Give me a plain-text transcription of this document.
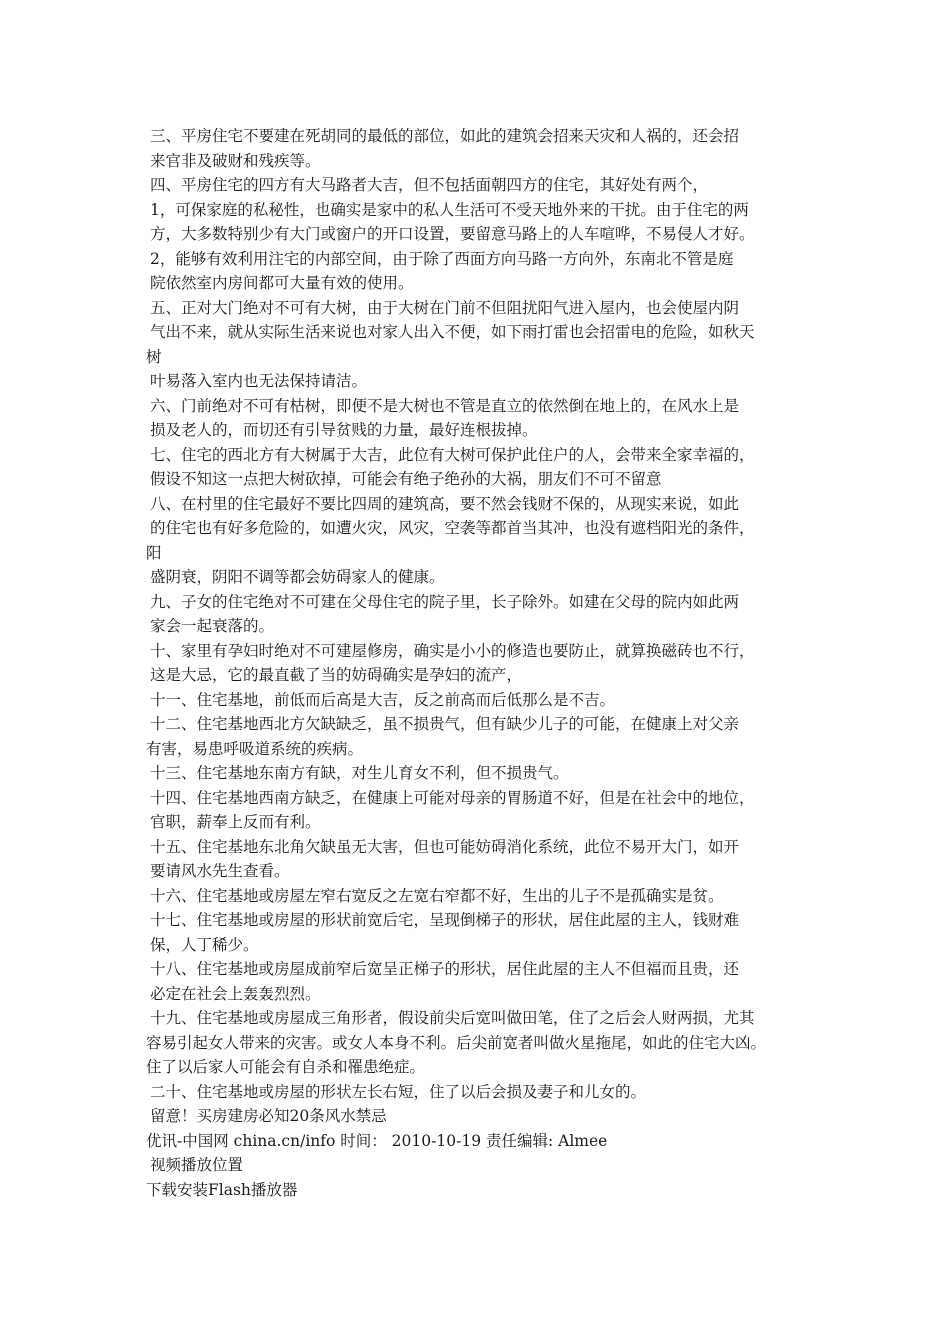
三、平房住宅不要建在死胡同的最低的部位，如此的建筑会招来天灾和人祸的，还会招
来官非及破财和残疾等。
四、平房住宅的四方有大马路者大吉，但不包括面朝四方的住宅，其好处有两个，
1，可保家庭的私秘性，也确实是家中的私人生活可不受天地外来的干扰。由于住宅的两
方，大多数特别少有大门或窗户的开口设置，要留意马路上的人车喧哗，不易侵人才好。
2，能够有效利用注宅的内部空间，由于除了西面方向马路一方向外，东南北不管是庭
院依然室内房间都可大量有效的使用。
五、正对大门绝对不可有大树，由于大树在门前不但阻扰阳气进入屋内，也会使屋内阴
气出不来，就从实际生活来说也对家人出入不便，如下雨打雷也会招雷电的危险，如秋天
树
叶易落入室内也无法保持请洁。
六、门前绝对不可有枯树，即便不是大树也不管是直立的依然倒在地上的，在风水上是
损及老人的，而切还有引导贫贱的力量，最好连根拔掉。
七、住宅的西北方有大树属于大吉，此位有大树可保护此住户的人，会带来全家幸福的，
假设不知这一点把大树砍掉，可能会有绝子绝孙的大祸，朋友们不可不留意
八、在村里的住宅最好不要比四周的建筑高，要不然会钱财不保的，从现实来说，如此
的住宅也有好多危险的，如遭火灾，风灾，空袭等都首当其冲，也没有遮档阳光的条件，
阳
盛阴衰，阴阳不调等都会妨碍家人的健康。
九、子女的住宅绝对不可建在父母住宅的院子里，长子除外。如建在父母的院内如此两
家会一起衰落的。
十、家里有孕妇时绝对不可建屋修房，确实是小小的修造也要防止，就算换磁砖也不行，
这是大忌，它的最直截了当的妨碍确实是孕妇的流产，
十一、住宅基地，前低而后高是大吉，反之前高而后低那么是不吉。
十二、住宅基地西北方欠缺缺乏，虽不损贵气，但有缺少儿子的可能，在健康上对父亲
有害，易患呼吸道系统的疾病。
十三、住宅基地东南方有缺，对生儿育女不利，但不损贵气。
十四、住宅基地西南方缺乏，在健康上可能对母亲的胃肠道不好，但是在社会中的地位，
官职，薪奉上反而有利。
十五、住宅基地东北角欠缺虽无大害，但也可能妨碍消化系统，此位不易开大门，如开
要请风水先生查看。
十六、住宅基地或房屋左窄右宽反之左宽右窄都不好，生出的儿子不是孤确实是贫。
十七、住宅基地或房屋的形状前宽后宅，呈现倒梯子的形状，居住此屋的主人，钱财难
保，人丁稀少。
十八、住宅基地或房屋成前窄后宽呈正梯子的形状，居住此屋的主人不但福而且贵，还
必定在社会上轰轰烈烈。
十九、住宅基地或房屋成三角形者，假设前尖后宽叫做田笔，住了之后会人财两损，尤其
容易引起女人带来的灾害。或女人本身不利。后尖前宽者叫做火星拖尾，如此的住宅大凶。
住了以后家人可能会有自杀和罹患绝症。
二十、住宅基地或房屋的形状左长右短，住了以后会损及妻子和儿女的。
留意！买房建房必知20条风水禁忌
优讯-中国网 china.cn/info 时间： 2010-10-19 责任编辑: Almee
视频播放位置
下载安装Flash播放器
